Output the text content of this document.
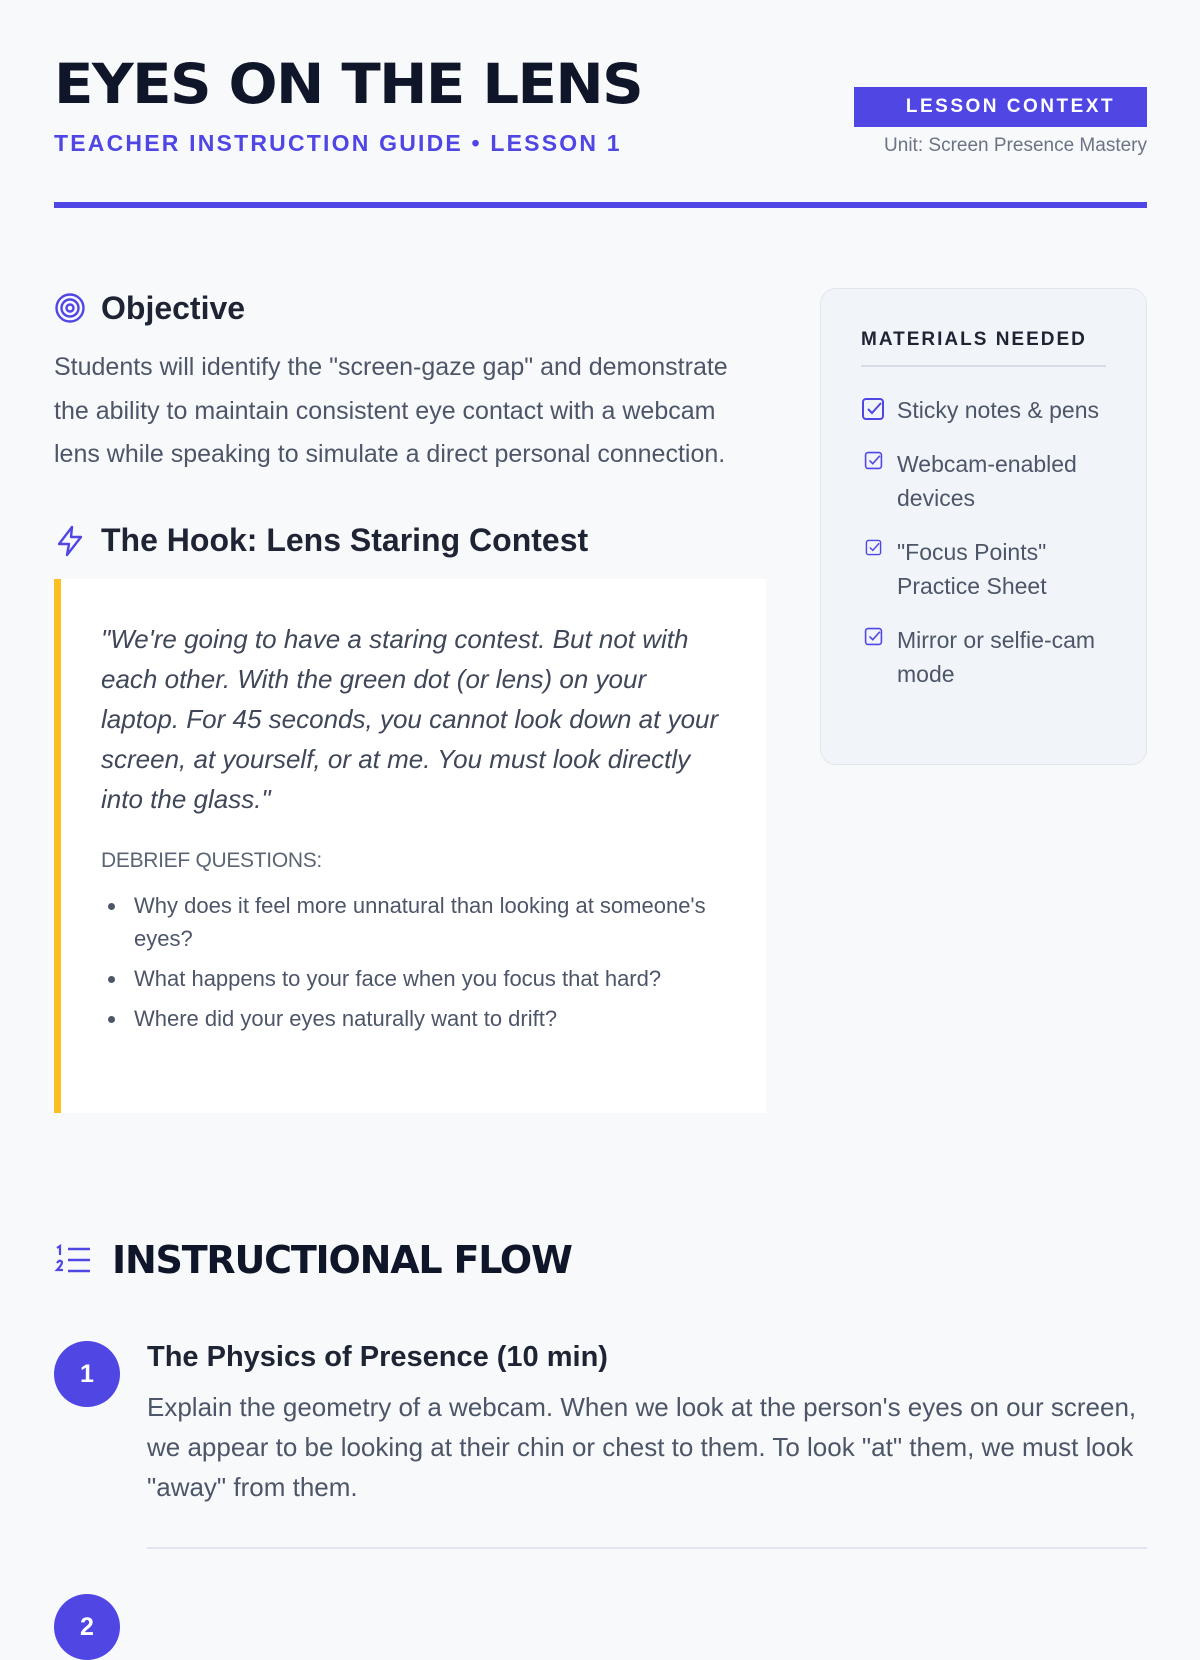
EYES ON THE LENS
TEACHER INSTRUCTION GUIDE • LESSON 1
LESSON CONTEXT
Unit: Screen Presence Mastery
Objective

Students will identify the "screen-gaze gap" and demonstrate the ability to maintain consistent eye contact with a webcam lens while speaking to simulate a direct personal connection.

The Hook: Lens Staring Contest

"We're going to have a staring contest. But not with each other. With the green dot (or lens) on your laptop. For 45 seconds, you cannot look down at your screen, at yourself, or at me. You must look directly into the glass."

DEBRIEF QUESTIONS:
Why does it feel more unnatural than looking at someone's eyes?
What happens to your face when you focus that hard?
Where did your eyes naturally want to drift?
MATERIALS NEEDED
Sticky notes & pens
Webcam-enabled devices
"Focus Points" Practice Sheet
Mirror or selfie-cam mode
INSTRUCTIONAL FLOW
1
The Physics of Presence (10 min)

Explain the geometry of a webcam. When we look at the person's eyes on our screen, we appear to be looking at their chin or chest to them. To look "at" them, we must look "away" from them.

2
